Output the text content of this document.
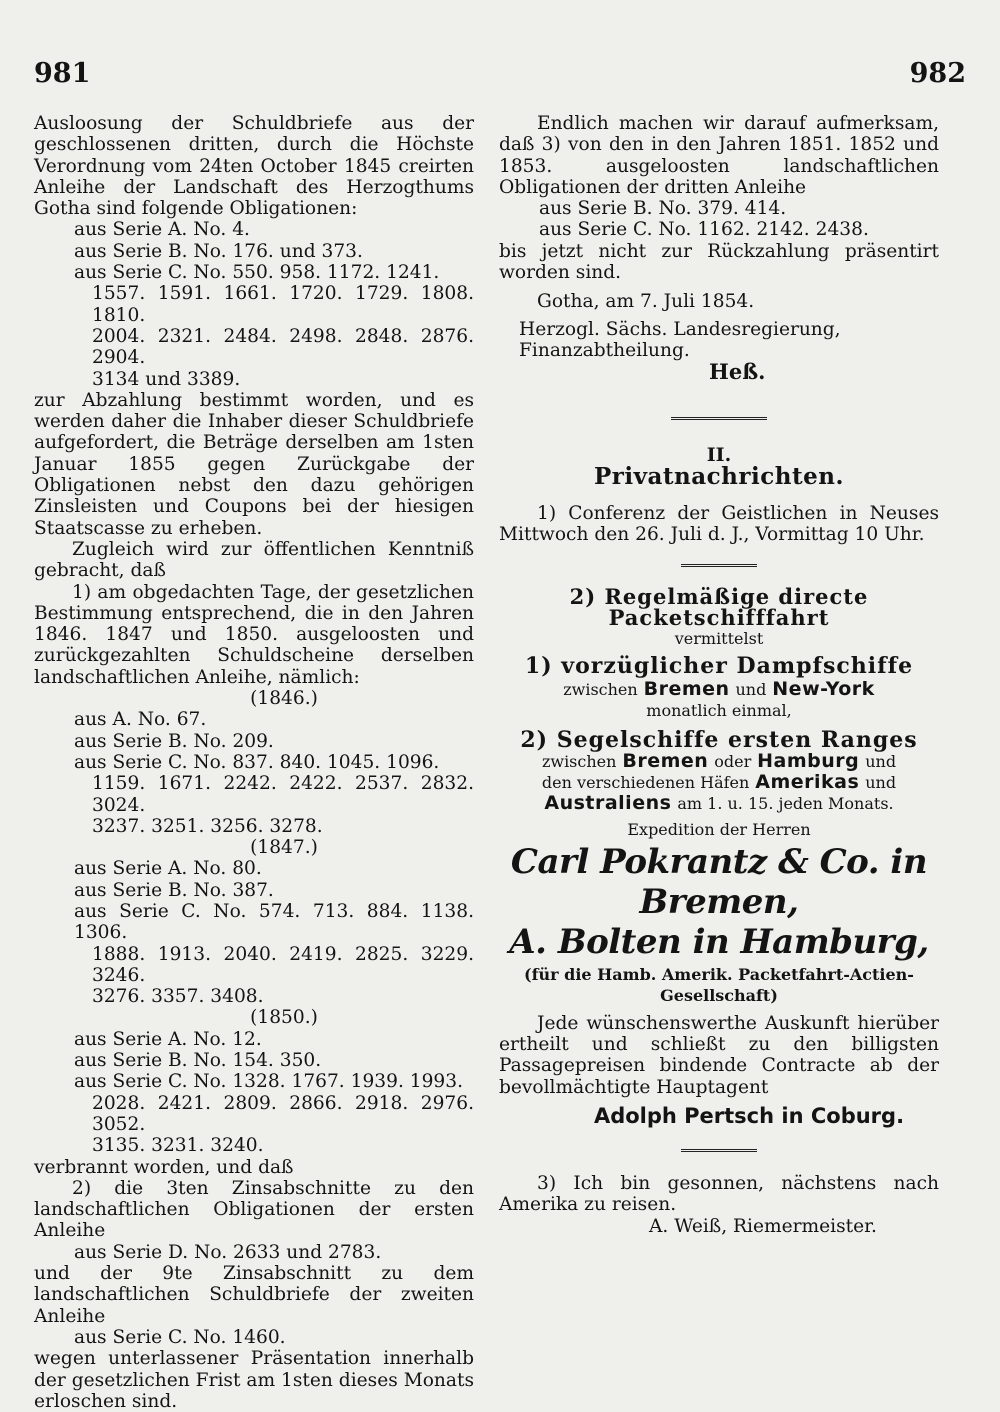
981	982

Ausloosung der Schuldbriefe aus der geschlossenen dritten, durch die Höchste Verordnung vom 24ten October 1845 creirten Anleihe der Landschaft des Herzogthums Gotha sind folgende Obligationen:

aus Serie A. No. 4.

aus Serie B. No. 176. und 373.

aus Serie C. No. 550. 958. 1172. 1241.

1557. 1591. 1661. 1720. 1729. 1808. 1810.

2004. 2321. 2484. 2498. 2848. 2876. 2904.

3134 und 3389.

zur Abzahlung bestimmt worden, und es werden daher die Inhaber dieser Schuldbriefe aufgefordert, die Beträge derselben am 1sten Januar 1855 gegen Zurückgabe der Obligationen nebst den dazu gehörigen Zinsleisten und Coupons bei der hiesigen Staatscasse zu erheben.

Zugleich wird zur öffentlichen Kenntniß gebracht, daß

1) am obgedachten Tage, der gesetzlichen Bestimmung entsprechend, die in den Jahren 1846. 1847 und 1850. ausgeloosten und zurückgezahlten Schuldscheine derselben landschaftlichen Anleihe, nämlich:

(1846.)

aus A. No. 67.

aus Serie B. No. 209.

aus Serie C. No. 837. 840. 1045. 1096.

1159. 1671. 2242. 2422. 2537. 2832. 3024.

3237. 3251. 3256. 3278.

(1847.)

aus Serie A. No. 80.

aus Serie B. No. 387.

aus Serie C. No. 574. 713. 884. 1138. 1306.

1888. 1913. 2040. 2419. 2825. 3229. 3246.

3276. 3357. 3408.

(1850.)

aus Serie A. No. 12.

aus Serie B. No. 154. 350.

aus Serie C. No. 1328. 1767. 1939. 1993.

2028. 2421. 2809. 2866. 2918. 2976. 3052.

3135. 3231. 3240.

verbrannt worden, und daß

2) die 3ten Zinsabschnitte zu den landschaftlichen Obligationen der ersten Anleihe

aus Serie D. No. 2633 und 2783.

und der 9te Zinsabschnitt zu dem landschaftlichen Schuldbriefe der zweiten Anleihe

aus Serie C. No. 1460.

wegen unterlassener Präsentation innerhalb der gesetzlichen Frist am 1sten dieses Monats erloschen sind.

Endlich machen wir darauf aufmerksam, daß 3) von den in den Jahren 1851. 1852 und 1853. ausgeloosten landschaftlichen Obligationen der dritten Anleihe

aus Serie B. No. 379. 414.

aus Serie C. No. 1162. 2142. 2438.

bis jetzt nicht zur Rückzahlung präsentirt worden sind.

Gotha, am 7. Juli 1854.

Herzogl. Sächs. Landesregierung, Finanzabtheilung.

Heß.

II.

Privatnachrichten.

1) Conferenz der Geistlichen in Neuses Mittwoch den 26. Juli d. J., Vormittag 10 Uhr.

2) Regelmäßige directe Packetschifffahrt

vermittelst

1) vorzüglicher Dampfschiffe

zwischen Bremen und New-York

monatlich einmal,

2) Segelschiffe ersten Ranges

zwischen Bremen oder Hamburg und

den verschiedenen Häfen Amerikas und

Australiens am 1. u. 15. jeden Monats.

Expedition der Herren

Carl Pokrantz & Co. in Bremen,

A. Bolten in Hamburg,

(für die Hamb. Amerik. Packetfahrt-Actien-Gesellschaft)

Jede wünschenswerthe Auskunft hierüber ertheilt und schließt zu den billigsten Passagepreisen bindende Contracte ab der bevollmächtigte Hauptagent

Adolph Pertsch in Coburg.

3) Ich bin gesonnen, nächstens nach Amerika zu reisen.

A. Weiß, Riemermeister.
